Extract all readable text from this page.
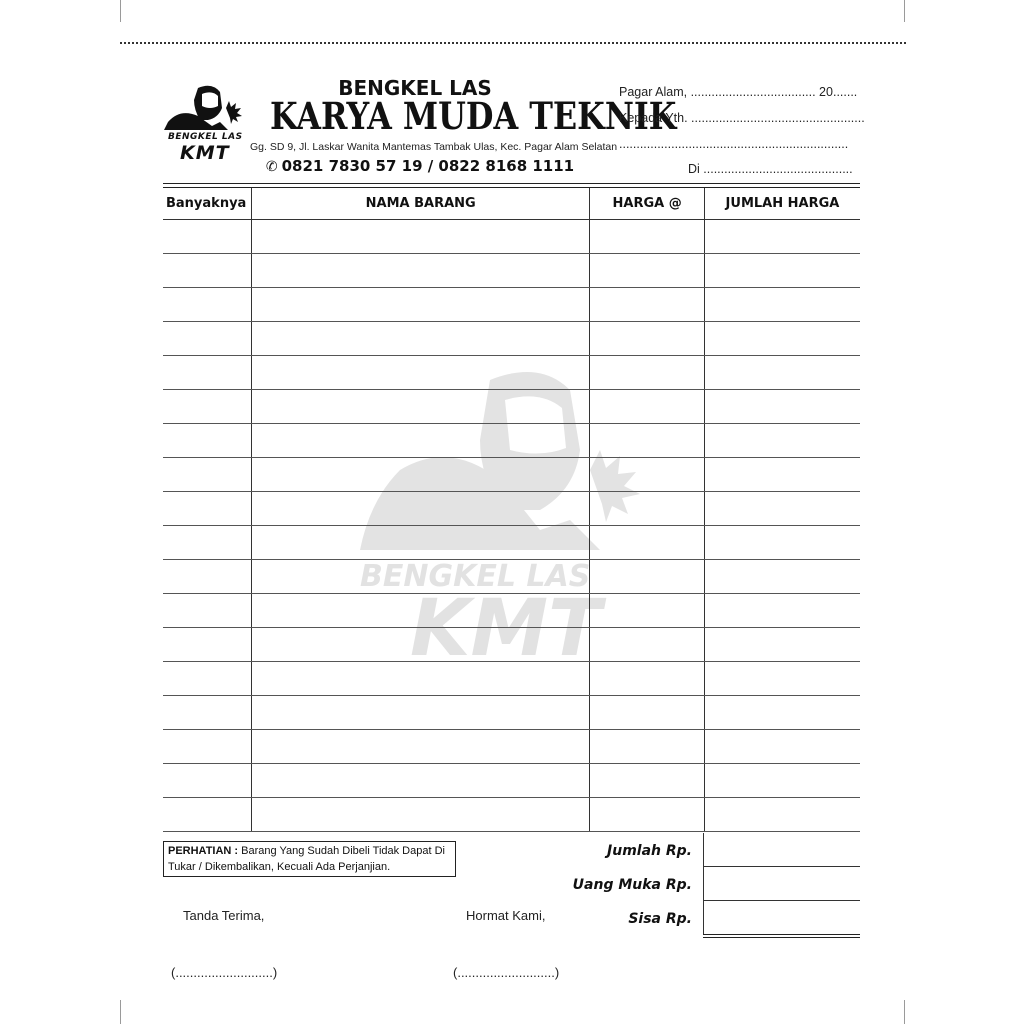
BENGKEL LAS
KMT
BENGKEL LAS
KMT
BENGKEL LAS
KARYA MUDA TEKNIK
Gg. SD 9, Jl. Laskar Wanita Mantemas Tambak Ulas, Kec. Pagar Alam Selatan
✆ 0821 7830 57 19 / 0822 8168 1111
Pagar Alam, .................................... 20.......
Kepada Yth. ..................................................
..................................................................
Di ...........................................
Banyaknya	NAMA BARANG	HARGA @	JUMLAH HARGA

PERHATIAN : Barang Yang Sudah Dibeli Tidak Dapat Di Tukar / Dikembalikan, Kecuali Ada Perjanjian.
Jumlah Rp.
Uang Muka Rp.
Sisa Rp.
Tanda Terima,	Hormat Kami,
(...........................)	(...........................)
